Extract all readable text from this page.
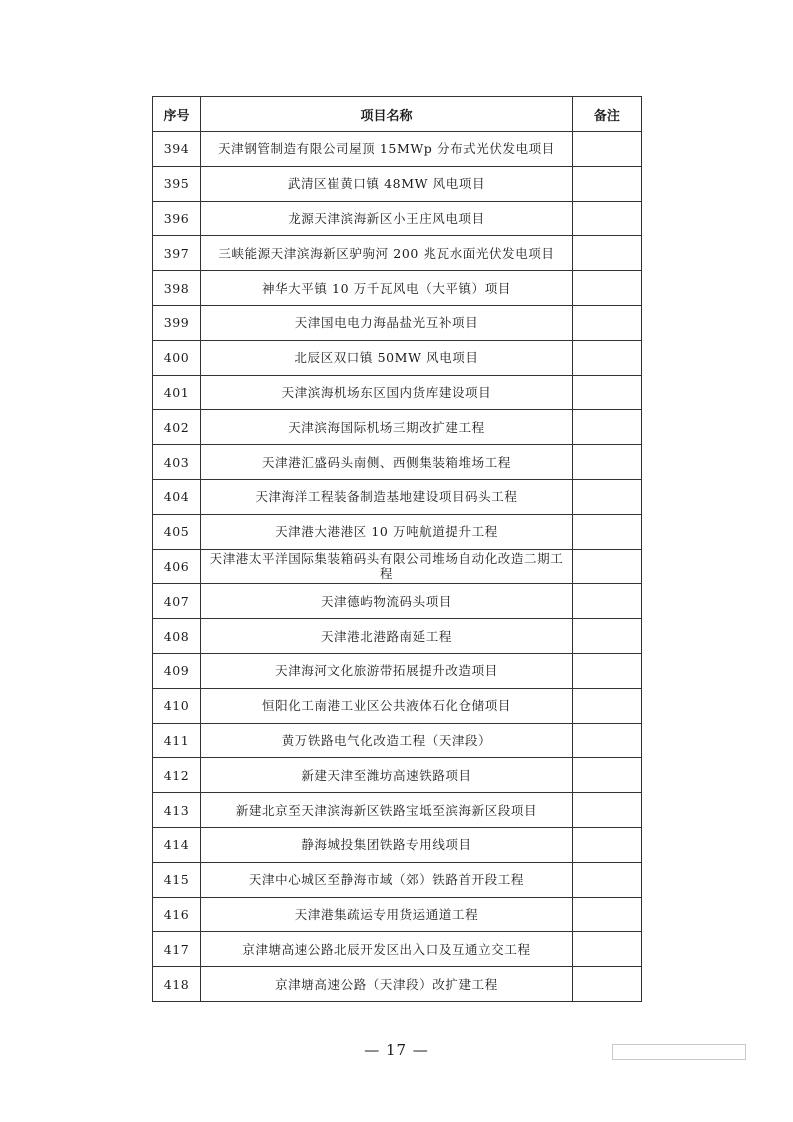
序号	项目名称	备注
394	天津钢管制造有限公司屋顶 15MWp 分布式光伏发电项目	
395	武清区崔黄口镇 48MW 风电项目	
396	龙源天津滨海新区小王庄风电项目	
397	三峡能源天津滨海新区驴驹河 200 兆瓦水面光伏发电项目	
398	神华大平镇 10 万千瓦风电（大平镇）项目	
399	天津国电电力海晶盐光互补项目	
400	北辰区双口镇 50MW 风电项目	
401	天津滨海机场东区国内货库建设项目	
402	天津滨海国际机场三期改扩建工程	
403	天津港汇盛码头南侧、西侧集装箱堆场工程	
404	天津海洋工程装备制造基地建设项目码头工程	
405	天津港大港港区 10 万吨航道提升工程	
406	天津港太平洋国际集装箱码头有限公司堆场自动化改造二期工程	
407	天津德屿物流码头项目	
408	天津港北港路南延工程	
409	天津海河文化旅游带拓展提升改造项目	
410	恒阳化工南港工业区公共液体石化仓储项目	
411	黄万铁路电气化改造工程（天津段）	
412	新建天津至潍坊高速铁路项目	
413	新建北京至天津滨海新区铁路宝坻至滨海新区段项目	
414	静海城投集团铁路专用线项目	
415	天津中心城区至静海市域（郊）铁路首开段工程	
416	天津港集疏运专用货运通道工程	
417	京津塘高速公路北辰开发区出入口及互通立交工程	
418	京津塘高速公路（天津段）改扩建工程	
— 17 —
